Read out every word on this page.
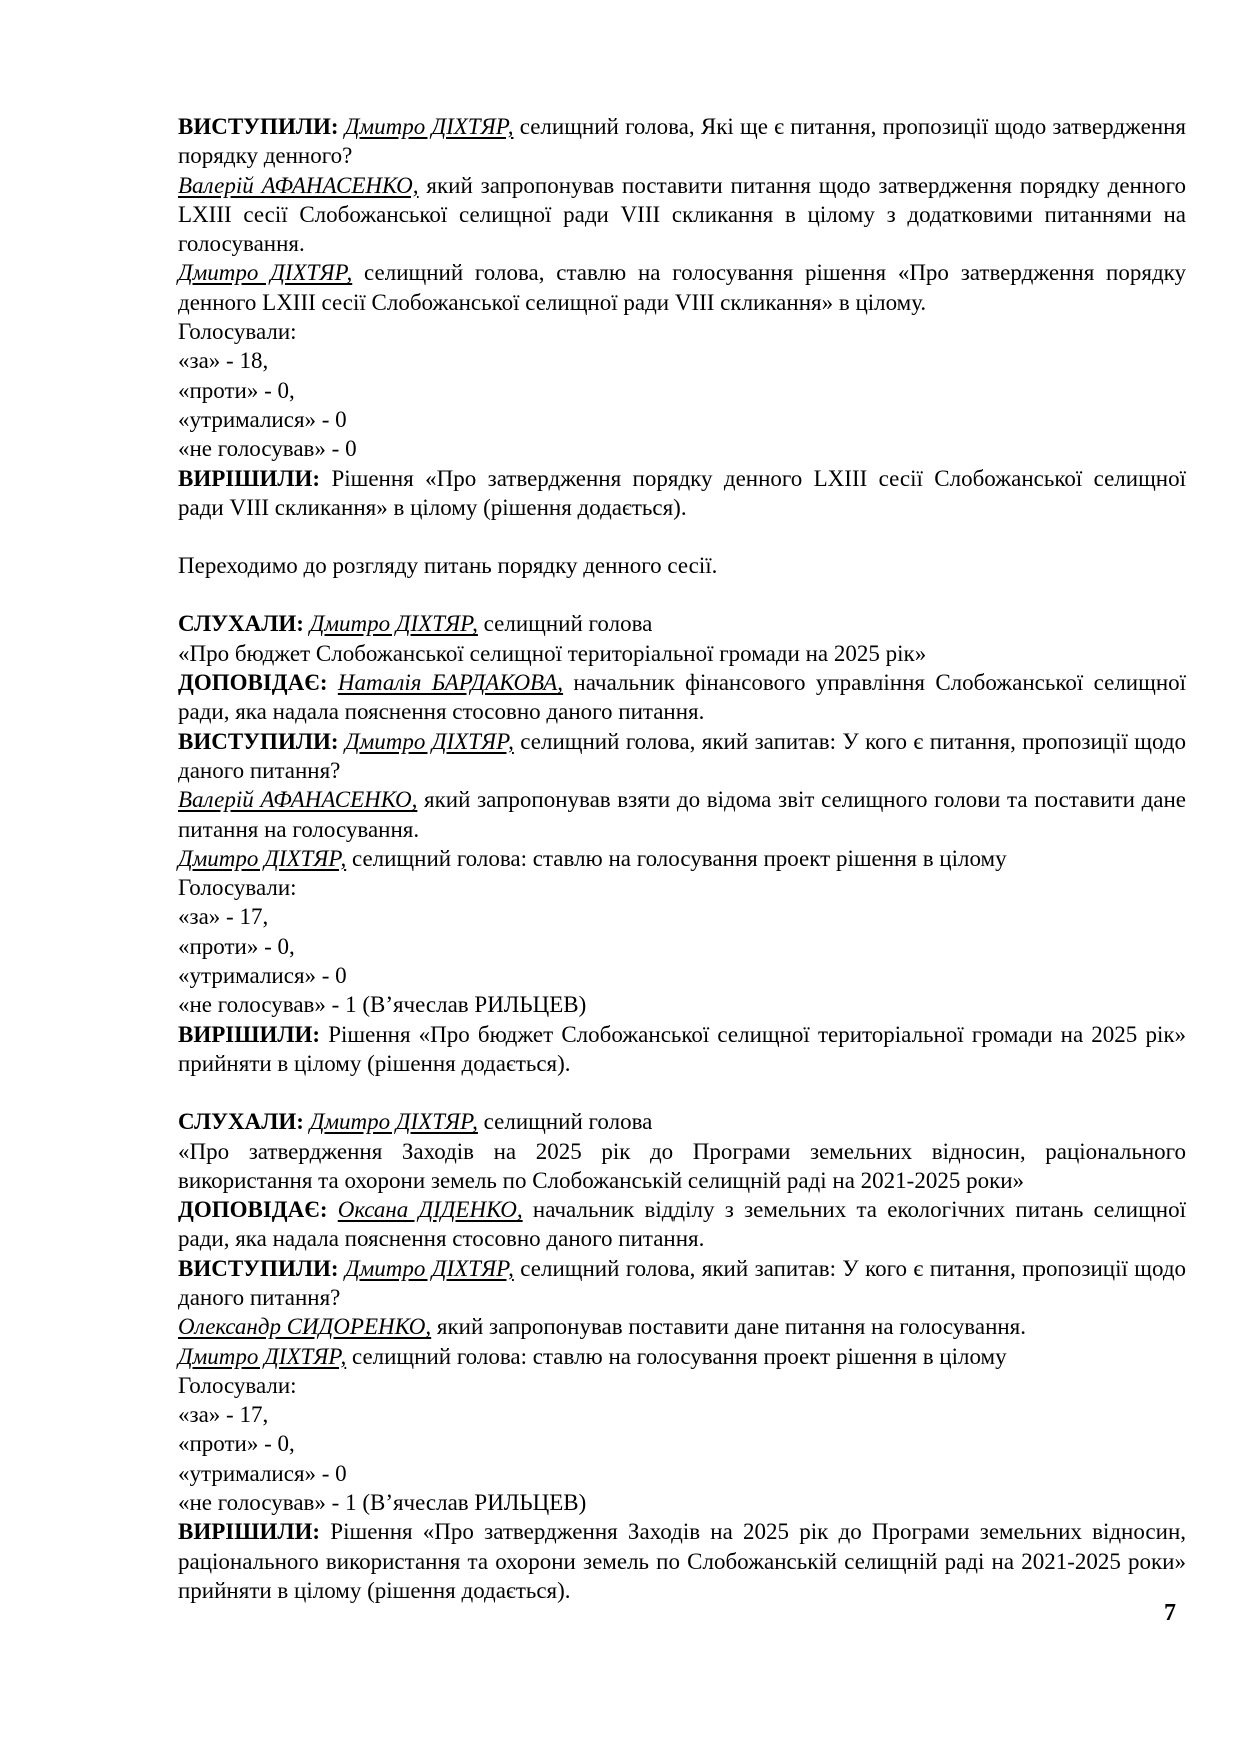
ВИСТУПИЛИ: Дмитро ДІХТЯР, селищний голова, Які ще є питання, пропозиції щодо затвердження порядку денного?

Валерій АФАНАСЕНКО, який запропонував поставити питання щодо затвердження порядку денного LXIII сесії Слобожанської селищної ради VIII скликання в цілому з додатковими питаннями на голосування.

Дмитро ДІХТЯР, селищний голова, ставлю на голосування рішення «Про затвердження порядку денного LXIII сесії Слобожанської селищної ради VIII скликання» в цілому.

Голосували:

«за» - 18,

«проти» - 0,

«утрималися» - 0

«не голосував» - 0

ВИРІШИЛИ: Рішення «Про затвердження порядку денного LXIII сесії Слобожанської селищної ради VIII скликання» в цілому (рішення додається).

Переходимо до розгляду питань порядку денного сесії.

СЛУХАЛИ: Дмитро ДІХТЯР, селищний голова

«Про бюджет Слобожанської селищної територіальної громади на 2025 рік»

ДОПОВІДАЄ: Наталія БАРДАКОВА, начальник фінансового управління Слобожанської селищної ради, яка надала пояснення стосовно даного питання.

ВИСТУПИЛИ: Дмитро ДІХТЯР, селищний голова, який запитав: У кого є питання, пропозиції щодо даного питання?

Валерій АФАНАСЕНКО, який запропонував взяти до відома звіт селищного голови та поставити дане питання на голосування.

Дмитро ДІХТЯР, селищний голова: ставлю на голосування проект рішення в цілому

Голосували:

«за» - 17,

«проти» - 0,

«утрималися» - 0

«не голосував» - 1 (В’ячеслав РИЛЬЦЕВ)

ВИРІШИЛИ: Рішення «Про бюджет Слобожанської селищної територіальної громади на 2025 рік» прийняти в цілому (рішення додається).

СЛУХАЛИ: Дмитро ДІХТЯР, селищний голова

«Про затвердження Заходів на 2025 рік до Програми земельних відносин, раціонального використання та охорони земель по Слобожанській селищній раді на 2021-2025 роки»

ДОПОВІДАЄ: Оксана ДІДЕНКО, начальник відділу з земельних та екологічних питань селищної ради, яка надала пояснення стосовно даного питання.

ВИСТУПИЛИ: Дмитро ДІХТЯР, селищний голова, який запитав: У кого є питання, пропозиції щодо даного питання?

Олександр СИДОРЕНКО, який запропонував поставити дане питання на голосування.

Дмитро ДІХТЯР, селищний голова: ставлю на голосування проект рішення в цілому

Голосували:

«за» - 17,

«проти» - 0,

«утрималися» - 0

«не голосував» - 1 (В’ячеслав РИЛЬЦЕВ)

ВИРІШИЛИ: Рішення «Про затвердження Заходів на 2025 рік до Програми земельних відносин, раціонального використання та охорони земель по Слобожанській селищній раді на 2021-2025 роки» прийняти в цілому (рішення додається).

7
